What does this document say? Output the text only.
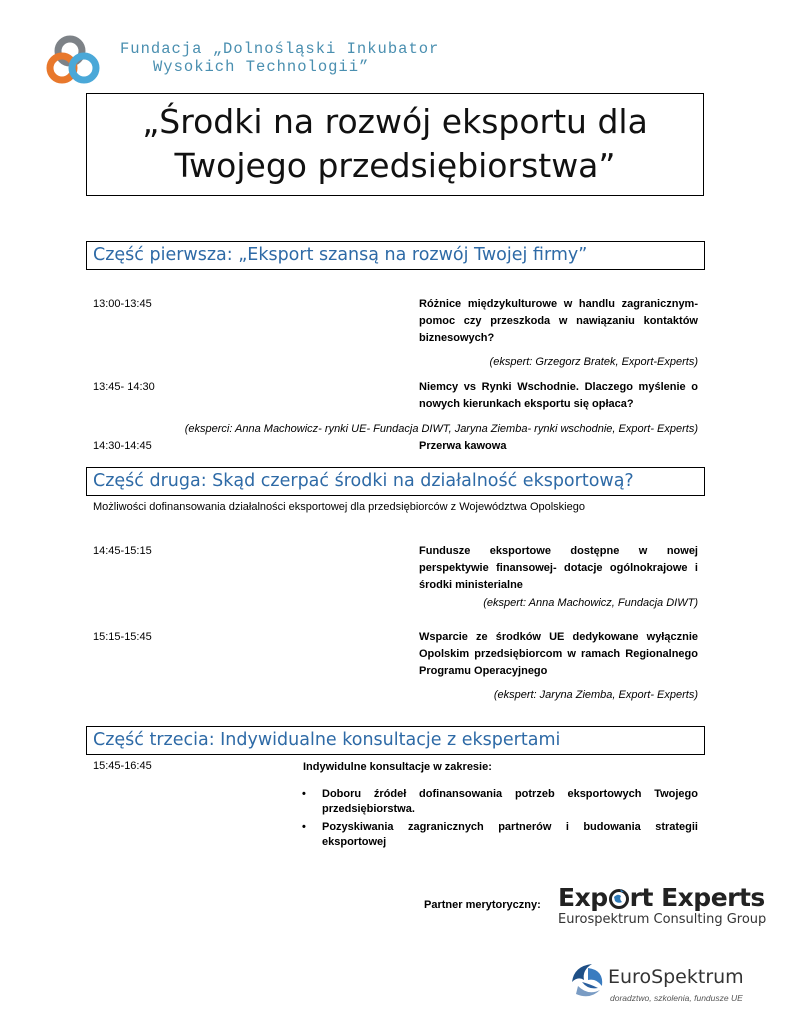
Fundacja „Dolnośląski Inkubator
Wysokich Technologii”
„Środki na rozwój eksportu dla
Twojego przedsiębiorstwa”
Część pierwsza: „Eksport szansą na rozwój Twojej firmy”
13:00-13:45	Różnice międzykulturowe w handlu zagranicznym- pomoc czy przeszkoda w nawiązaniu kontaktów biznesowych?
(ekspert: Grzegorz Bratek, Export-Experts)
13:45- 14:30	Niemcy vs Rynki Wschodnie. Dlaczego myślenie o nowych kierunkach eksportu się opłaca?
(eksperci: Anna Machowicz- rynki UE- Fundacja DIWT, Jaryna Ziemba- rynki wschodnie, Export- Experts)
14:30-14:45	Przerwa kawowa
Część druga: Skąd czerpać środki na działalność eksportową?
Możliwości dofinansowania działalności eksportowej dla przedsiębiorców z Województwa Opolskiego
14:45-15:15	Fundusze eksportowe dostępne w nowej perspektywie finansowej- dotacje ogólnokrajowe i środki ministerialne
(ekspert: Anna Machowicz, Fundacja DIWT)
15:15-15:45	Wsparcie ze środków UE dedykowane wyłącznie Opolskim przedsiębiorcom w ramach Regionalnego Programu Operacyjnego
(ekspert: Jaryna Ziemba, Export- Experts)
Część trzecia: Indywidualne konsultacje z ekspertami
15:45-16:45	Indywidulne konsultacje w zakresie:
• Doboru źródeł dofinansowania potrzeb eksportowych Twojego przedsiębiorstwa.
• Pozyskiwania zagranicznych partnerów i budowania strategii eksportowej
Partner merytoryczny: Exp rt Experts
Eurospektrum Consulting Group
EuroSpektrum
doradztwo, szkolenia, fundusze UE
